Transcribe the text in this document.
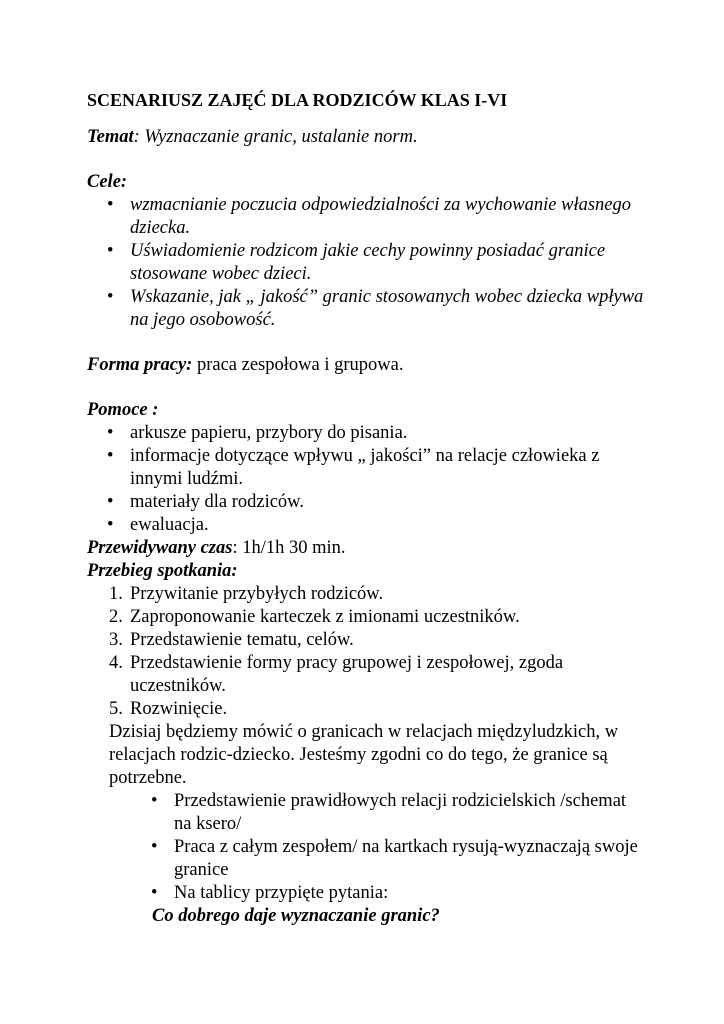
SCENARIUSZ ZAJĘĆ DLA RODZICÓW KLAS I-VI

Temat: Wyznaczanie granic, ustalanie norm.

Cele:

• wzmacnianie poczucia odpowiedzialności za wychowanie własnego dziecka.
• Uświadomienie rodzicom jakie cechy powinny posiadać granice stosowane wobec dzieci.
• Wskazanie, jak „ jakość” granic stosowanych wobec dziecka wpływa na jego osobowość.

Forma pracy: praca zespołowa i grupowa.

Pomoce :

• arkusze papieru, przybory do pisania.
• informacje dotyczące wpływu „ jakości” na relacje człowieka z innymi ludźmi.
• materiały dla rodziców.
• ewaluacja.

Przewidywany czas: 1h/1h 30 min.

Przebieg spotkania:

1. Przywitanie przybyłych rodziców.
2. Zaproponowanie karteczek z imionami uczestników.
3. Przedstawienie tematu, celów.
4. Przedstawienie formy pracy grupowej i zespołowej, zgoda uczestników.
5. Rozwinięcie.

Dzisiaj będziemy mówić o granicach w relacjach międzyludzkich, w relacjach rodzic-dziecko. Jesteśmy zgodni co do tego, że granice są potrzebne.

• Przedstawienie prawidłowych relacji rodzicielskich /schemat na ksero/
• Praca z całym zespołem/ na kartkach rysują-wyznaczają swoje granice
• Na tablicy przypięte pytania:

Co dobrego daje wyznaczanie granic?
